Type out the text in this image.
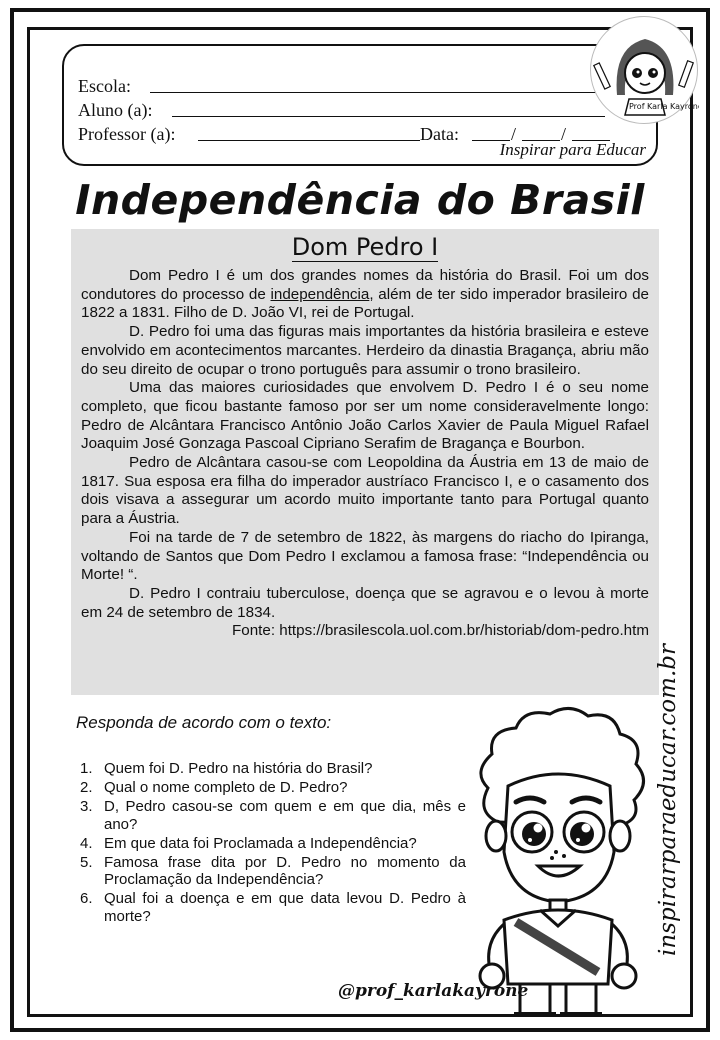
Escola:
Aluno (a):
Professor (a):	Data:	/ /
Inspirar para Educar
Prof Karla Kayrone
Independência do Brasil
Dom Pedro I

Dom Pedro I é um dos grandes nomes da história do Brasil. Foi um dos condutores do processo de independência, além de ter sido imperador brasileiro de 1822 a 1831. Filho de D. João VI, rei de Portugal.

D. Pedro foi uma das figuras mais importantes da história brasileira e esteve envolvido em acontecimentos marcantes. Herdeiro da dinastia Bragança, abriu mão do seu direito de ocupar o trono português para assumir o trono brasileiro.

Uma das maiores curiosidades que envolvem D. Pedro I é o seu nome completo, que ficou bastante famoso por ser um nome consideravelmente longo: Pedro de Alcântara Francisco Antônio João Carlos Xavier de Paula Miguel Rafael Joaquim José Gonzaga Pascoal Cipriano Serafim de Bragança e Bourbon.

Pedro de Alcântara casou-se com Leopoldina da Áustria em 13 de maio de 1817. Sua esposa era filha do imperador austríaco Francisco I, e o casamento dos dois visava a assegurar um acordo muito importante tanto para Portugal quanto para a Áustria.

Foi na tarde de 7 de setembro de 1822, às margens do riacho do Ipiranga, voltando de Santos que Dom Pedro I exclamou a famosa frase: “Independência ou Morte! “.

D. Pedro I contraiu tuberculose, doença que se agravou e o levou à morte em 24 de setembro de 1834.

Fonte: https://brasilescola.uol.com.br/historiab/dom-pedro.htm

Responda de acordo com o texto:
1. Quem foi D. Pedro na história do Brasil?
2. Qual o nome completo de D. Pedro?
3. D, Pedro casou-se com quem e em que dia, mês e ano?
4. Em que data foi Proclamada a Independência?
5. Famosa frase dita por D. Pedro no momento da Proclamação da Independência?
6. Qual foi a doença e em que data levou D. Pedro à morte?	inspirarparaeducar.com.br
@prof_karlakayrone
